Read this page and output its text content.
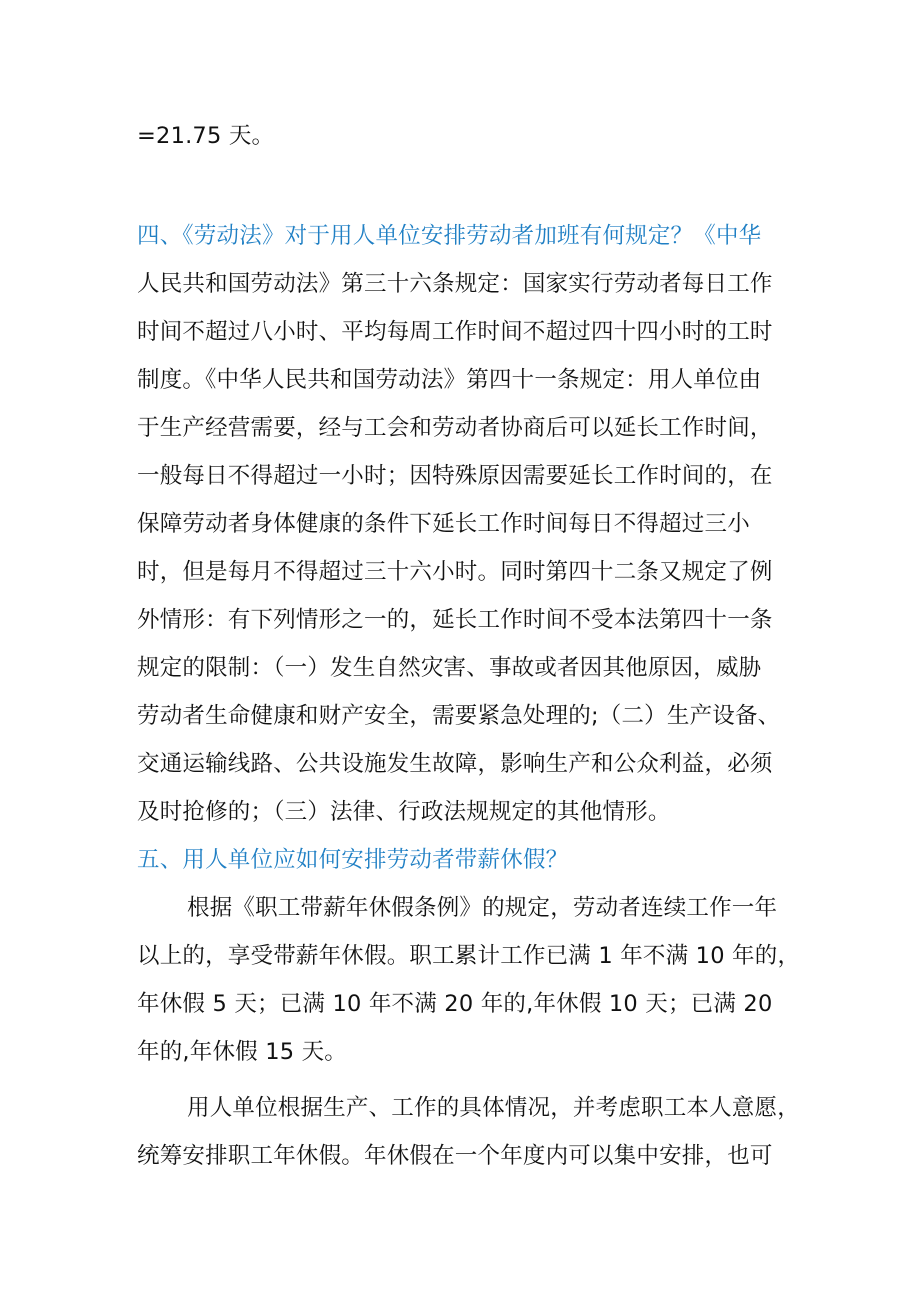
=21.75 天。
四、《劳动法》对于用人单位安排劳动者加班有何规定？《中华
人民共和国劳动法》第三十六条规定：国家实行劳动者每日工作
时间不超过八小时、平均每周工作时间不超过四十四小时的工时
制度。《中华人民共和国劳动法》第四十一条规定：用人单位由
于生产经营需要，经与工会和劳动者协商后可以延长工作时间，
一般每日不得超过一小时；因特殊原因需要延长工作时间的，在
保障劳动者身体健康的条件下延长工作时间每日不得超过三小
时，但是每月不得超过三十六小时。同时第四十二条又规定了例
外情形：有下列情形之一的，延长工作时间不受本法第四十一条
规定的限制：（一）发生自然灾害、事故或者因其他原因，威胁
劳动者生命健康和财产安全，需要紧急处理的;（二）生产设备、
交通运输线路、公共设施发生故障，影响生产和公众利益，必须
及时抢修的；（三）法律、行政法规规定的其他情形。
五、用人单位应如何安排劳动者带薪休假？
根据《职工带薪年休假条例》的规定，劳动者连续工作一年
以上的，享受带薪年休假。职工累计工作已满 1 年不满 10 年的，
年休假 5 天；已满 10 年不满 20 年的,年休假 10 天；已满 20
年的,年休假 15 天。
用人单位根据生产、工作的具体情况，并考虑职工本人意愿，
统筹安排职工年休假。年休假在一个年度内可以集中安排，也可
